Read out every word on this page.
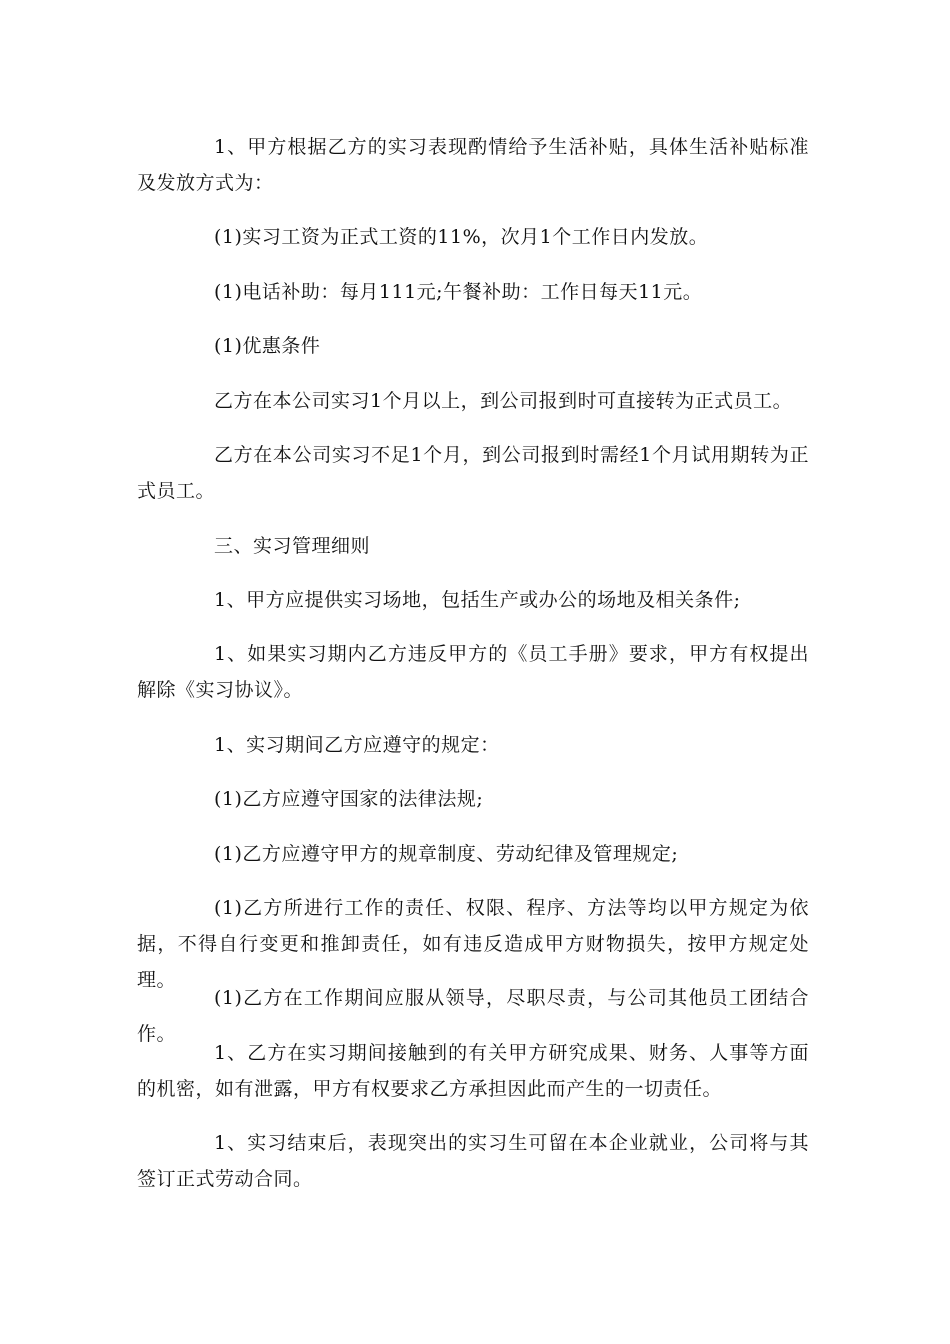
1、甲方根据乙方的实习表现酌情给予生活补贴，具体生活补贴标准及发放方式为：

(1)实习工资为正式工资的11%，次月1个工作日内发放。

(1)电话补助：每月111元;午餐补助：工作日每天11元。

(1)优惠条件

乙方在本公司实习1个月以上，到公司报到时可直接转为正式员工。

乙方在本公司实习不足1个月，到公司报到时需经1个月试用期转为正式员工。

三、实习管理细则

1、甲方应提供实习场地，包括生产或办公的场地及相关条件;

1、如果实习期内乙方违反甲方的《员工手册》要求，甲方有权提出解除《实习协议》。

1、实习期间乙方应遵守的规定：

(1)乙方应遵守国家的法律法规;

(1)乙方应遵守甲方的规章制度、劳动纪律及管理规定;

(1)乙方所进行工作的责任、权限、程序、方法等均以甲方规定为依据，不得自行变更和推卸责任，如有违反造成甲方财物损失，按甲方规定处理。

(1)乙方在工作期间应服从领导，尽职尽责，与公司其他员工团结合作。

1、乙方在实习期间接触到的有关甲方研究成果、财务、人事等方面的机密，如有泄露，甲方有权要求乙方承担因此而产生的一切责任。

1、实习结束后，表现突出的实习生可留在本企业就业，公司将与其签订正式劳动合同。
